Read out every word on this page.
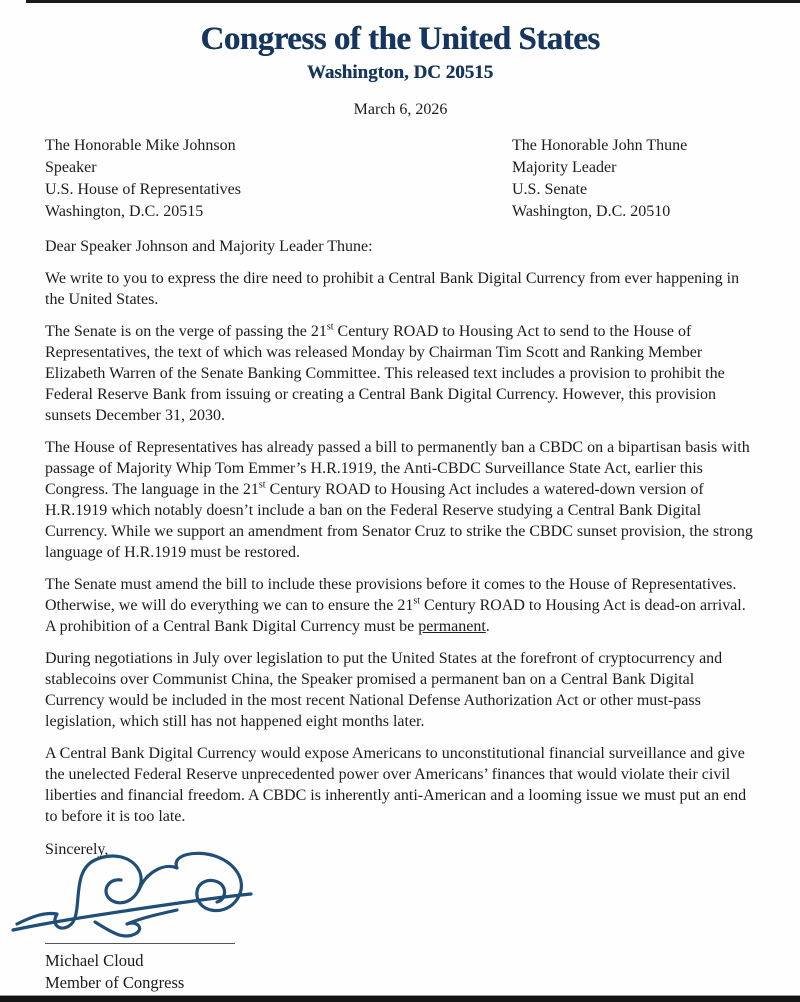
Congress of the United States
Washington, DC 20515
March 6, 2026
The Honorable Mike Johnson
Speaker
U.S. House of Representatives
Washington, D.C. 20515
The Honorable John Thune
Majority Leader
U.S. Senate
Washington, D.C. 20510
Dear Speaker Johnson and Majority Leader Thune:

We write to you to express the dire need to prohibit a Central Bank Digital Currency from ever happening in the United States.

The Senate is on the verge of passing the 21st Century ROAD to Housing Act to send to the House of Representatives, the text of which was released Monday by Chairman Tim Scott and Ranking Member Elizabeth Warren of the Senate Banking Committee. This released text includes a provision to prohibit the Federal Reserve Bank from issuing or creating a Central Bank Digital Currency. However, this provision sunsets December 31, 2030.

The House of Representatives has already passed a bill to permanently ban a CBDC on a bipartisan basis with passage of Majority Whip Tom Emmer’s H.R.1919, the Anti-CBDC Surveillance State Act, earlier this Congress. The language in the 21st Century ROAD to Housing Act includes a watered-down version of H.R.1919 which notably doesn’t include a ban on the Federal Reserve studying a Central Bank Digital Currency. While we support an amendment from Senator Cruz to strike the CBDC sunset provision, the strong language of H.R.1919 must be restored.

The Senate must amend the bill to include these provisions before it comes to the House of Representatives. Otherwise, we will do everything we can to ensure the 21st Century ROAD to Housing Act is dead-on arrival. A prohibition of a Central Bank Digital Currency must be permanent.

During negotiations in July over legislation to put the United States at the forefront of cryptocurrency and stablecoins over Communist China, the Speaker promised a permanent ban on a Central Bank Digital Currency would be included in the most recent National Defense Authorization Act or other must-pass legislation, which still has not happened eight months later.

A Central Bank Digital Currency would expose Americans to unconstitutional financial surveillance and give the unelected Federal Reserve unprecedented power over Americans’ finances that would violate their civil liberties and financial freedom. A CBDC is inherently anti-American and a looming issue we must put an end to before it is too late.

Sincerely,
Michael Cloud
Member of Congress
